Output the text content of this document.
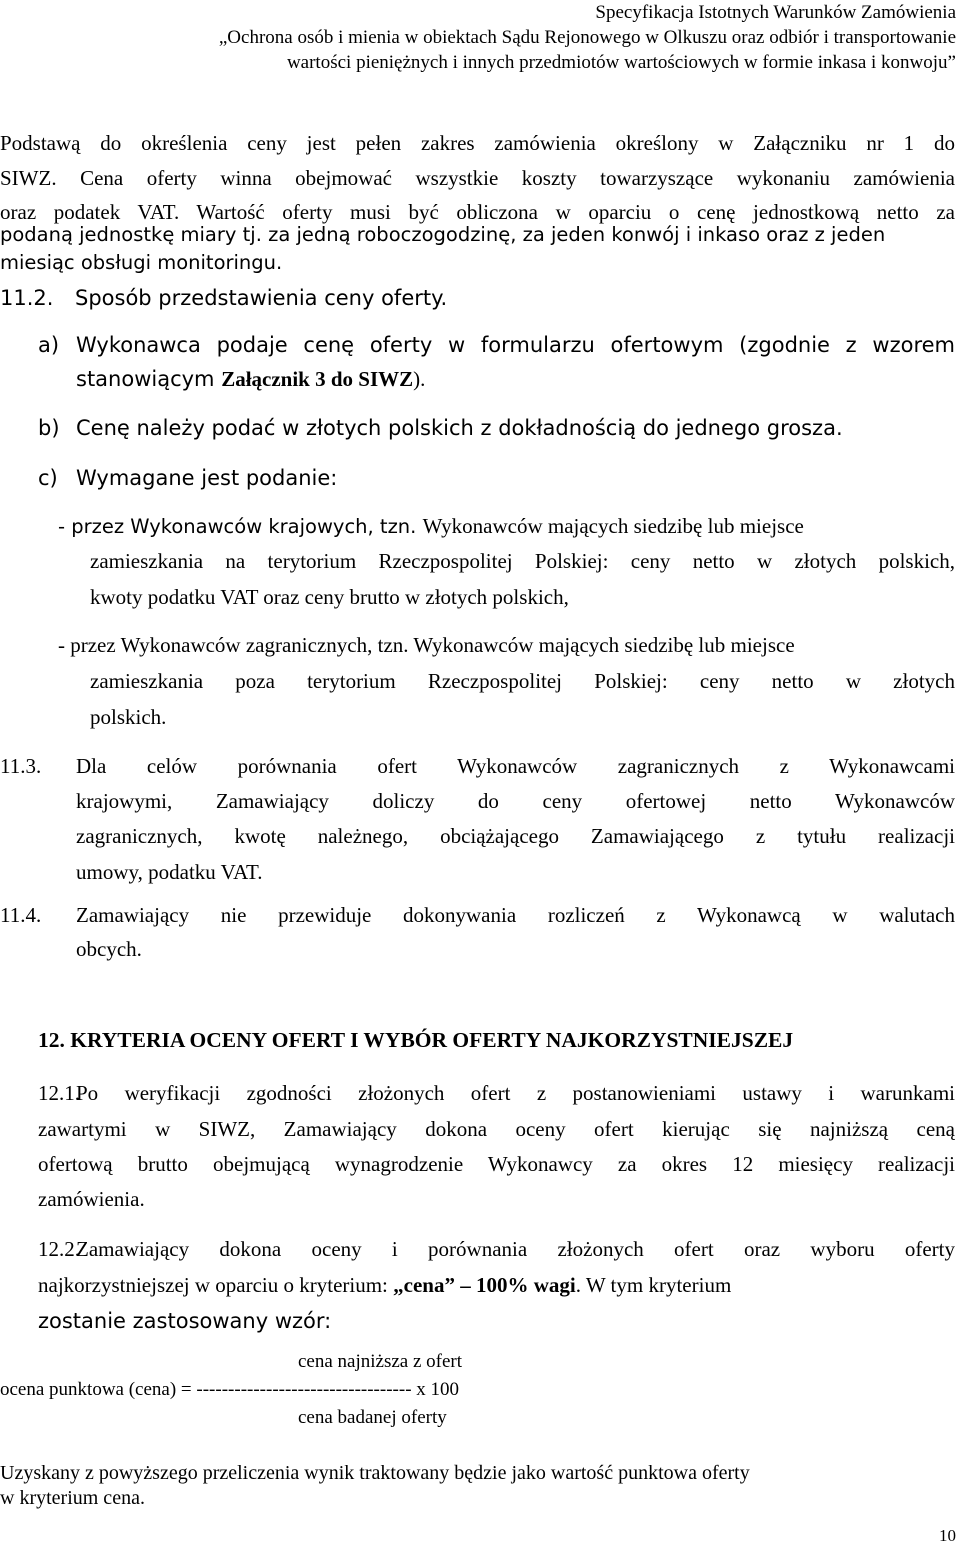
Specyfikacja Istotnych Warunków Zamówienia
„Ochrona osób i mienia w obiektach Sądu Rejonowego w Olkuszu oraz odbiór i transportowanie
wartości pieniężnych i innych przedmiotów wartościowych w formie inkasa i konwoju”
Podstawą do określenia ceny jest pełen zakres zamówienia określony w Załączniku nr 1 do
SIWZ. Cena oferty winna obejmować wszystkie koszty towarzyszące wykonaniu zamówienia
oraz podatek VAT. Wartość oferty musi być obliczona w oparciu o cenę jednostkową netto za
podaną jednostkę miary tj. za jedną roboczogodzinę, za jeden konwój i inkaso oraz z jeden
miesiąc obsługi monitoringu.
11.2. Sposób przedstawienia ceny oferty.
a) Wykonawca podaje cenę oferty w formularzu ofertowym (zgodnie z wzorem
stanowiącym Załącznik 3 do SIWZ).
b) Cenę należy podać w złotych polskich z dokładnością do jednego grosza.
c) Wymagane jest podanie:
- przez Wykonawców krajowych, tzn. Wykonawców mających siedzibę lub miejsce
zamieszkania na terytorium Rzeczpospolitej Polskiej: ceny netto w złotych polskich,
kwoty podatku VAT oraz ceny brutto w złotych polskich,
- przez Wykonawców zagranicznych, tzn. Wykonawców mających siedzibę lub miejsce
zamieszkania poza terytorium Rzeczpospolitej Polskiej: ceny netto w złotych
polskich.
11.3. Dla celów porównania ofert Wykonawców zagranicznych z Wykonawcami
krajowymi, Zamawiający doliczy do ceny ofertowej netto Wykonawców
zagranicznych, kwotę należnego, obciążającego Zamawiającego z tytułu realizacji
umowy, podatku VAT.
11.4. Zamawiający nie przewiduje dokonywania rozliczeń z Wykonawcą w walutach
obcych.
12. KRYTERIA OCENY OFERT I WYBÓR OFERTY NAJKORZYSTNIEJSZEJ
12.1.
Po weryfikacji zgodności złożonych ofert z postanowieniami ustawy i warunkami
zawartymi w SIWZ, Zamawiający dokona oceny ofert kierując się najniższą ceną
ofertową brutto obejmującą wynagrodzenie Wykonawcy za okres 12 miesięcy realizacji
zamówienia.
12.2.
Zamawiający dokona oceny i porównania złożonych ofert oraz wyboru oferty
najkorzystniejszej w oparciu o kryterium: „cena” – 100% wagi. W tym kryterium
zostanie zastosowany wzór:
cena najniższa z ofert
ocena punktowa (cena) = ---------------------------------- x 100
cena badanej oferty
Uzyskany z powyższego przeliczenia wynik traktowany będzie jako wartość punktowa oferty
w kryterium cena.
10
